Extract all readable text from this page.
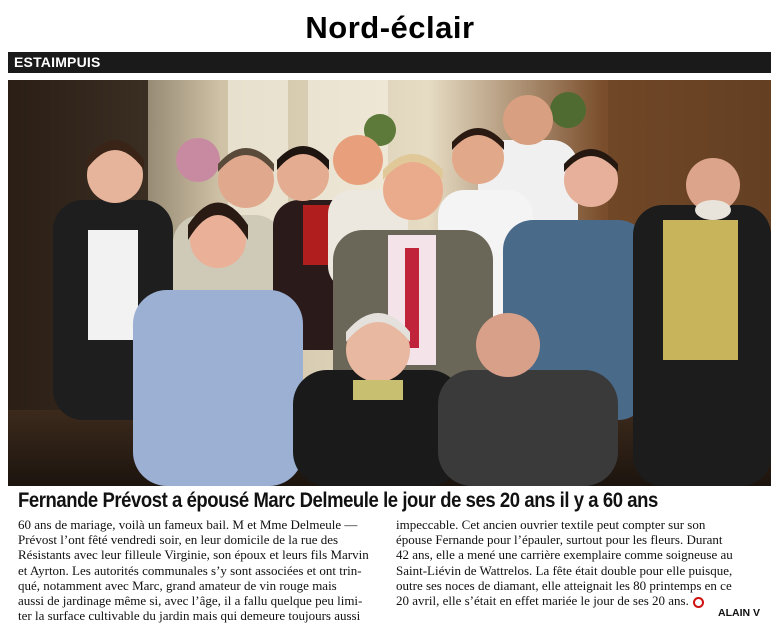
Nord-éclair
ESTAIMPUIS
Fernande Prévost a épousé Marc Delmeule le jour de ses 20 ans il y a 60 ans

60 ans de mariage, voilà un fameux bail. M et Mme Delmeule —

Prévost l’ont fêté vendredi soir, en leur domicile de la rue des

Résistants avec leur filleule Virginie, son époux et leurs fils Marvin

et Ayrton. Les autorités communales s’y sont associées et ont trin-

qué, notamment avec Marc, grand amateur de vin rouge mais

aussi de jardinage même si, avec l’âge, il a fallu quelque peu limi-

ter la surface cultivable du jardin mais qui demeure toujours aussi

impeccable. Cet ancien ouvrier textile peut compter sur son

épouse Fernande pour l’épauler, surtout pour les fleurs. Durant

42 ans, elle a mené une carrière exemplaire comme soigneuse au

Saint-Liévin de Wattrelos. La fête était double pour elle puisque,

outre ses noces de diamant, elle atteignait les 80 printemps en ce

20 avril, elle s’était en effet mariée le jour de ses 20 ans.

ALAIN V
